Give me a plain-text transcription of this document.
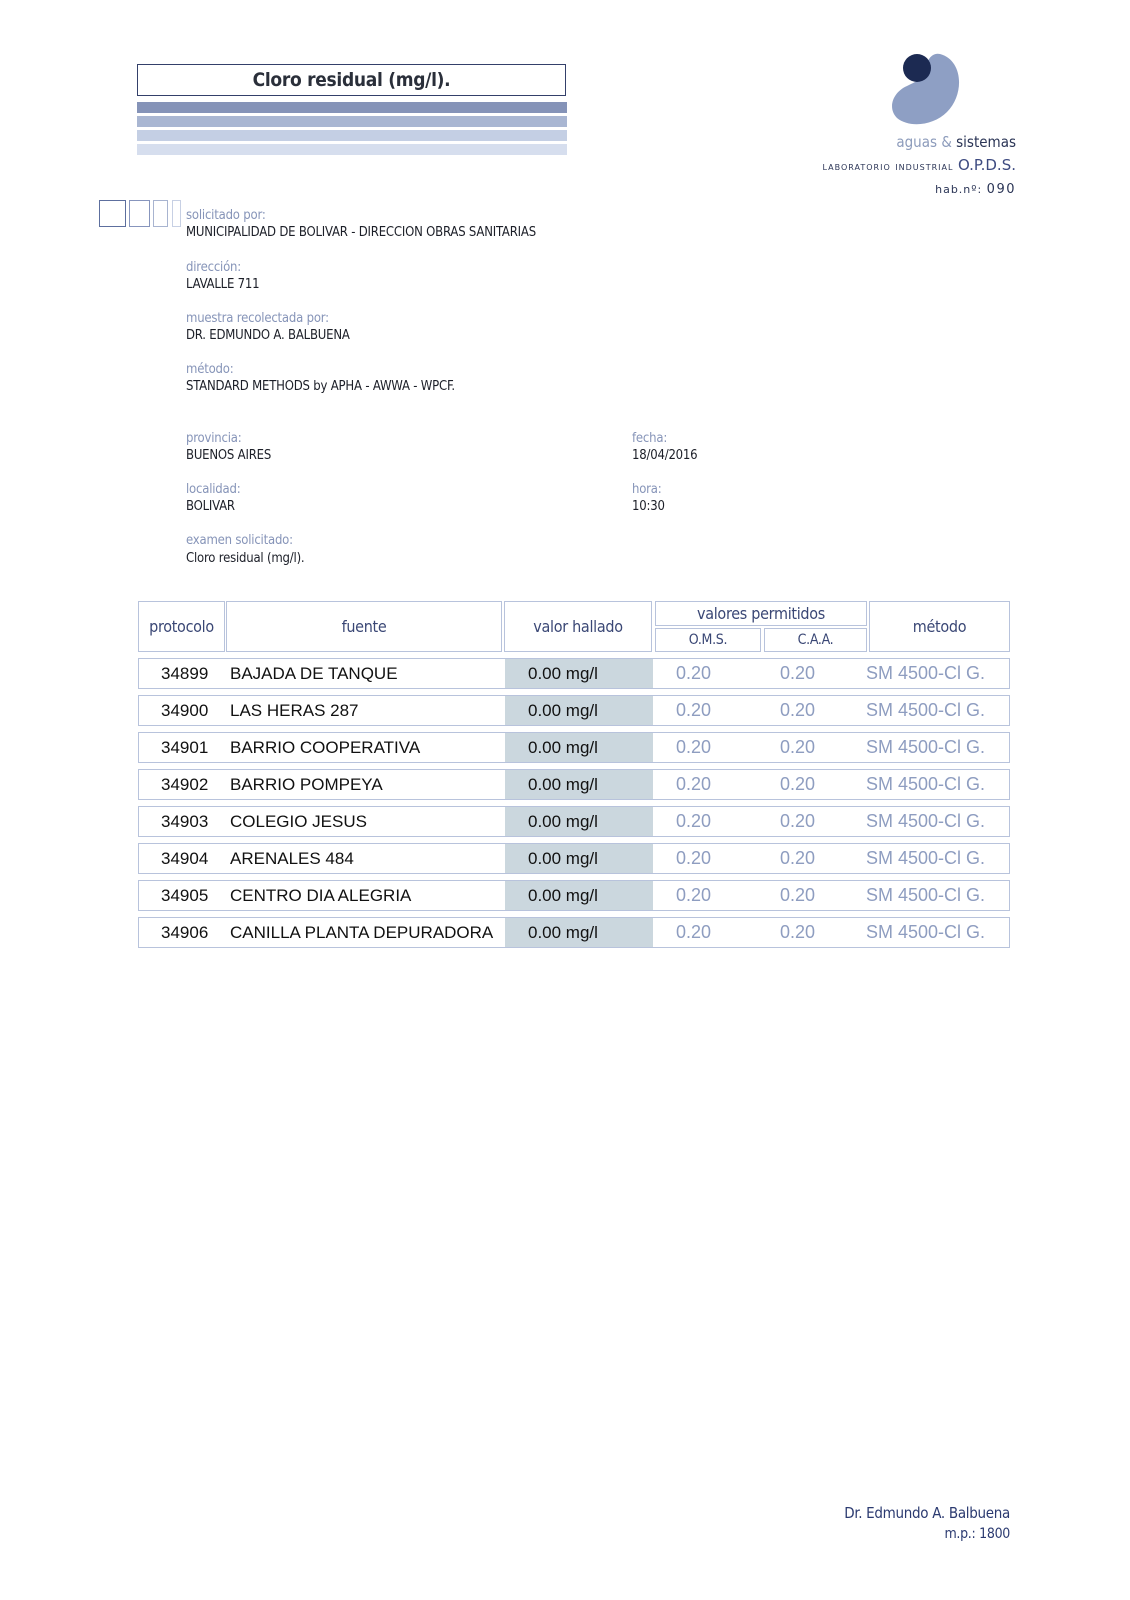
Cloro residual (mg/l).
aguas & sistemas
laboratorio industrial O.P.D.S.
hab.nº: 090
solicitado por:
MUNICIPALIDAD DE BOLIVAR - DIRECCION OBRAS SANITARIAS
dirección:
LAVALLE 711
muestra recolectada por:
DR. EDMUNDO A. BALBUENA
método:
STANDARD METHODS by APHA - AWWA - WPCF.
provincia:
BUENOS AIRES
fecha:
18/04/2016
localidad:
BOLIVAR
hora:
10:30
examen solicitado:
Cloro residual (mg/l).
protocolo	fuente	valor hallado
valores permitidos
O.M.S.	C.A.A.
método
34899 BAJADA DE TANQUE	0.00 mg/l	0.20	0.20	SM 4500-Cl G.
34900 LAS HERAS 287	0.00 mg/l	0.20	0.20	SM 4500-Cl G.
34901 BARRIO COOPERATIVA	0.00 mg/l	0.20	0.20	SM 4500-Cl G.
34902 BARRIO POMPEYA	0.00 mg/l	0.20	0.20	SM 4500-Cl G.
34903 COLEGIO JESUS	0.00 mg/l	0.20	0.20	SM 4500-Cl G.
34904 ARENALES 484	0.00 mg/l	0.20	0.20	SM 4500-Cl G.
34905 CENTRO DIA ALEGRIA	0.00 mg/l	0.20	0.20	SM 4500-Cl G.
34906 CANILLA PLANTA DEPURADORA	0.00 mg/l	0.20	0.20	SM 4500-Cl G.
Dr. Edmundo A. Balbuena
m.p.: 1800
